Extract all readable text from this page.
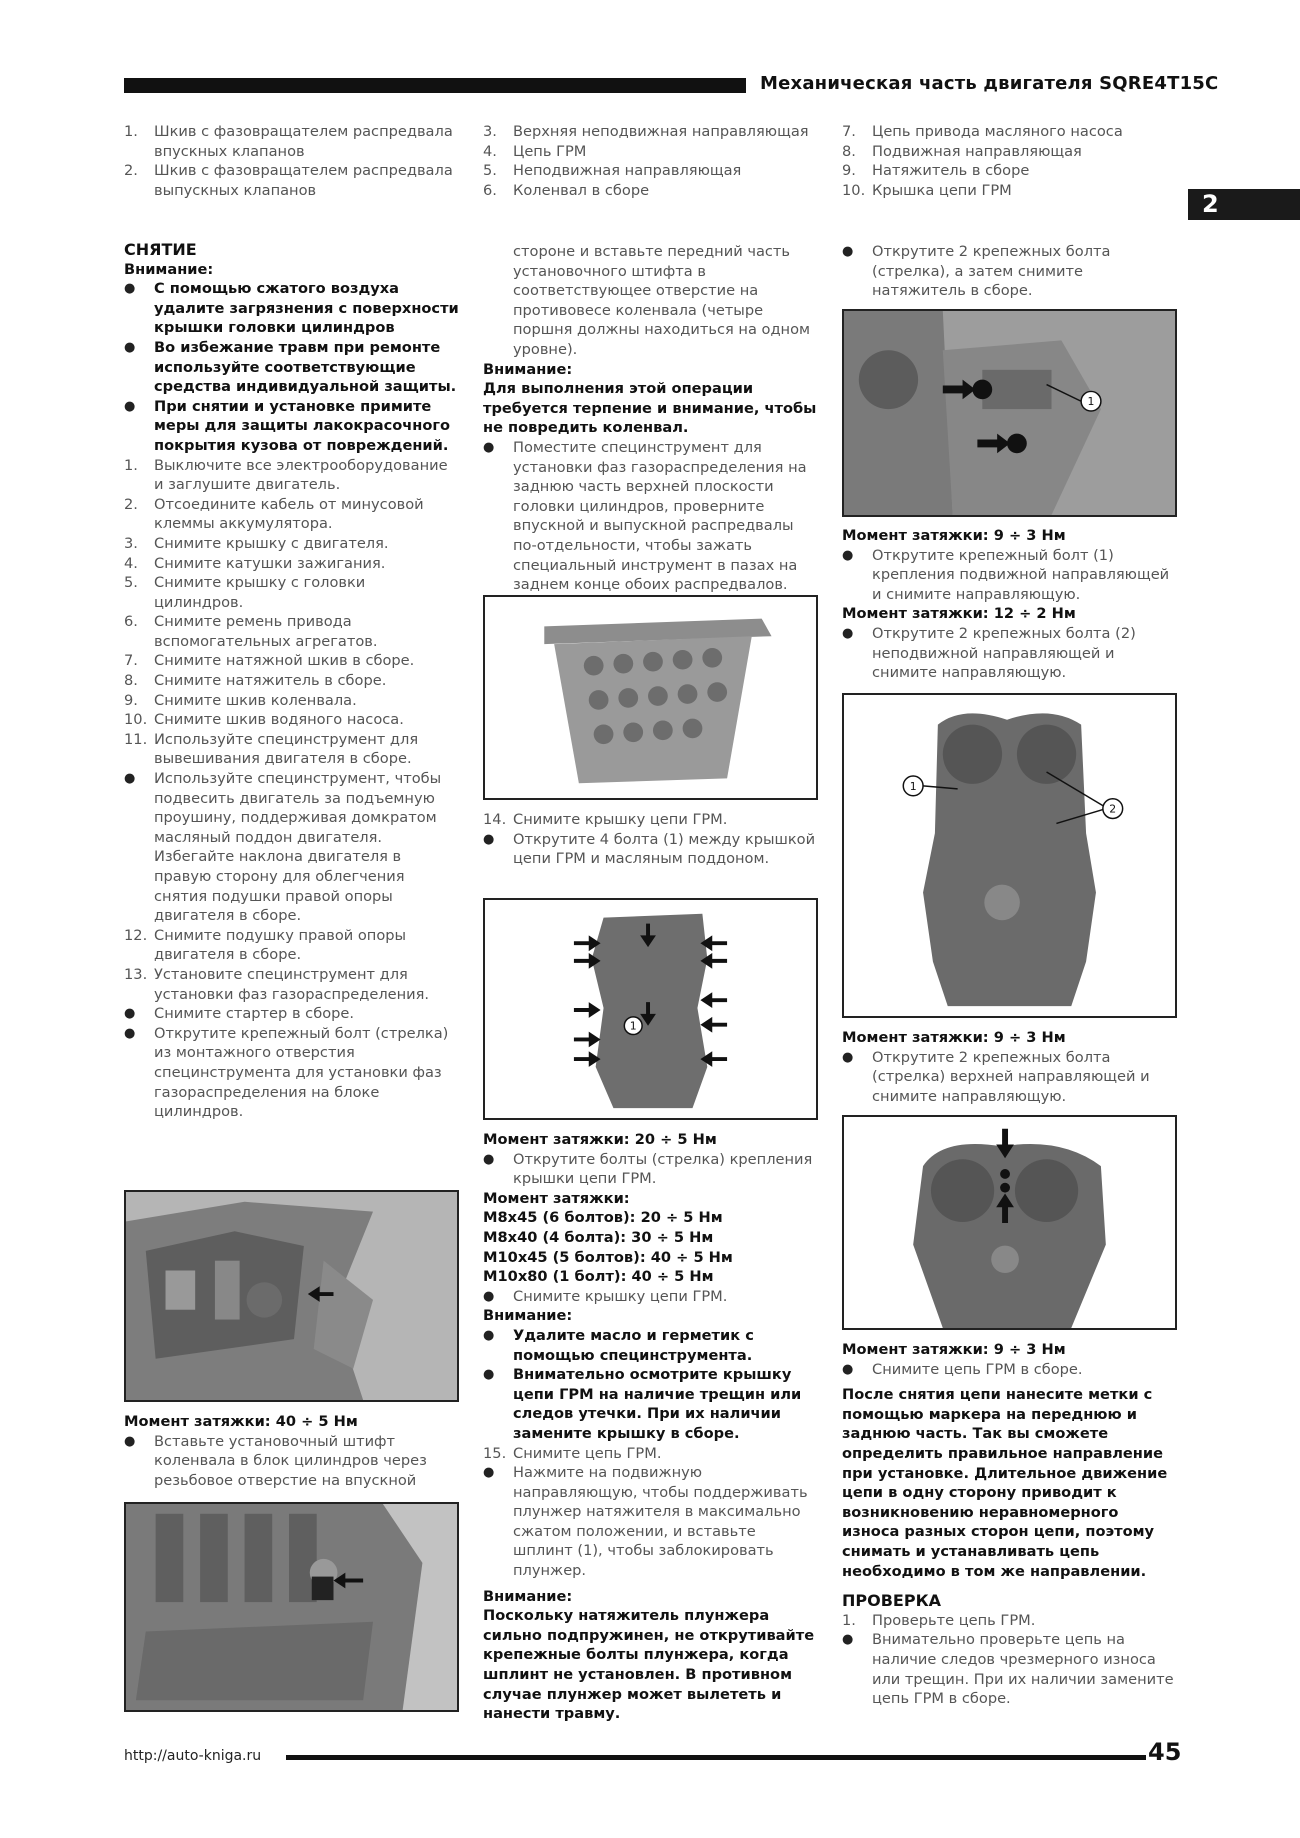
Механическая часть двигателя SQRE4T15C
2
1.	Шкив с фазовращателем распредвала впускных клапанов
2.	Шкив с фазовращателем распредвала выпускных клапанов
3.	Верхняя неподвижная направляющая
4.	Цепь ГРМ
5.	Неподвижная направляющая
6.	Коленвал в сборе
7.	Цепь привода масляного насоса
8.	Подвижная направляющая
9.	Натяжитель в сборе
10. Крышка цепи ГРМ

СНЯТИЕ

Внимание:

●	С помощью сжатого воздуха удалите загрязнения с поверхности крышки головки цилиндров
●	Во избежание травм при ремонте используйте соответствующие средства индивидуальной защиты.
●	При снятии и установке примите меры для защиты лакокрасочного покрытия кузова от повреждений.
1.	Выключите все электрооборудование и заглушите двигатель.
2.	Отсоедините кабель от минусовой клеммы аккумулятора.
3.	Снимите крышку с двигателя.
4.	Снимите катушки зажигания.
5.	Снимите крышку с головки цилиндров.
6.	Снимите ремень привода вспомогательных агрегатов.
7.	Снимите натяжной шкив в сборе.
8.	Снимите натяжитель в сборе.
9.	Снимите шкив коленвала.
10. Снимите шкив водяного насоса.
11. Используйте специнструмент для вывешивания двигателя в сборе.
●	Используйте специнструмент, чтобы подвесить двигатель за подъемную проушину, поддерживая домкратом масляный поддон двигателя. Избегайте наклона двигателя в правую сторону для облегчения снятия подушки правой опоры двигателя в сборе.
12. Снимите подушку правой опоры двигателя в сборе.
13. Установите специнструмент для установки фаз газораспределения.
●	Снимите стартер в сборе.
●	Открутите крепежный болт (стрелка) из монтажного отверстия специнструмента для установки фаз газораспределения на блоке цилиндров.

Момент затяжки: 40 ÷ 5 Нм

●	Вставьте установочный штифт коленвала в блок цилиндров через резьбовое отверстие на впускной

стороне и вставьте передний часть установочного штифта в соответствующее отверстие на противовесе коленвала (четыре поршня должны находиться на одном уровне).

Внимание:

Для выполнения этой операции требуется терпение и внимание, чтобы не повредить коленвал.

●	Поместите специнструмент для установки фаз газораспределения на заднюю часть верхней плоскости головки цилиндров, проверните впускной и выпускной распредвалы по-отдельности, чтобы зажать специальный инструмент в пазах на заднем конце обоих распредвалов.
14. Снимите крышку цепи ГРМ.
●	Открутите 4 болта (1) между крышкой цепи ГРМ и масляным поддоном.
1

Момент затяжки: 20 ÷ 5 Нм

●	Открутите болты (стрелка) крепления крышки цепи ГРМ.

Момент затяжки:

M8x45 (6 болтов): 20 ÷ 5 Нм

M8x40 (4 болта): 30 ÷ 5 Нм

M10x45 (5 болтов): 40 ÷ 5 Нм

M10x80 (1 болт): 40 ÷ 5 Нм

●	Снимите крышку цепи ГРМ.

Внимание:

●	Удалите масло и герметик с помощью специнструмента.
●	Внимательно осмотрите крышку цепи ГРМ на наличие трещин или следов утечки. При их наличии замените крышку в сборе.
15. Снимите цепь ГРМ.
●	Нажмите на подвижную направляющую, чтобы поддерживать плунжер натяжителя в максимально сжатом положении, и вставьте шплинт (1), чтобы заблокировать плунжер.

Внимание:

Поскольку натяжитель плунжера сильно подпружинен, не открутивайте крепежные болты плунжера, когда шплинт не установлен. В противном случае плунжер может вылететь и нанести травму.

●	Открутите 2 крепежных болта (стрелка), а затем снимите натяжитель в сборе.
1

Момент затяжки: 9 ÷ 3 Нм

●	Открутите крепежный болт (1) крепления подвижной направляющей и снимите направляющую.

Момент затяжки: 12 ÷ 2 Нм

●	Открутите 2 крепежных болта (2) неподвижной направляющей и снимите направляющую.
1
2

Момент затяжки: 9 ÷ 3 Нм

●	Открутите 2 крепежных болта (стрелка) верхней направляющей и снимите направляющую.

Момент затяжки: 9 ÷ 3 Нм

●	Снимите цепь ГРМ в сборе.

После снятия цепи нанесите метки с помощью маркера на переднюю и заднюю часть. Так вы сможете определить правильное направление при установке. Длительное движение цепи в одну сторону приводит к возникновению неравномерного износа разных сторон цепи, поэтому снимать и устанавливать цепь необходимо в том же направлении.

ПРОВЕРКА

1.	Проверьте цепь ГРМ.
●	Внимательно проверьте цепь на наличие следов чрезмерного износа или трещин. При их наличии замените цепь ГРМ в сборе.
http://auto-kniga.ru	45
